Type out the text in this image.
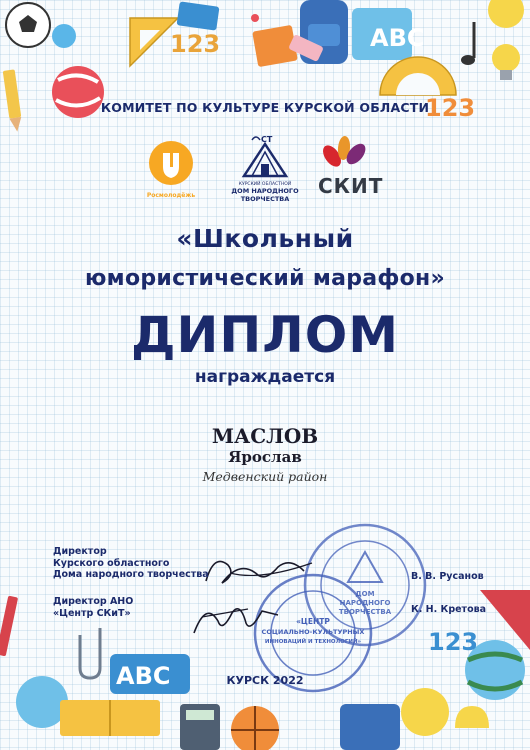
123	ABC
123
ABC
123
КОМИТЕТ ПО КУЛЬТУРЕ КУРСКОЙ ОБЛАСТИ
Росмолодёжь
СТ
КУРСКИЙ ОБЛАСТНОЙ
ДОМ НАРОДНОГО
ТВОРЧЕСТВА
СКИТ
«Школьный
юмористический марафон»
ДИПЛОМ
награждается
МАСЛОВ
Ярослав
Медвенский район
ДОМ
НАРОДНОГО
ТВОРЧЕСТВА
«ЦЕНТР
СОЦИАЛЬНО-КУЛЬТУРНЫХ
ИННОВАЦИЙ И ТЕХНОЛОГИЙ»
Директор
Курского областного
Дома народного творчества	В. В. Русанов
Директор АНО
«Центр СКиТ»	К. Н. Кретова
КУРСК 2022
